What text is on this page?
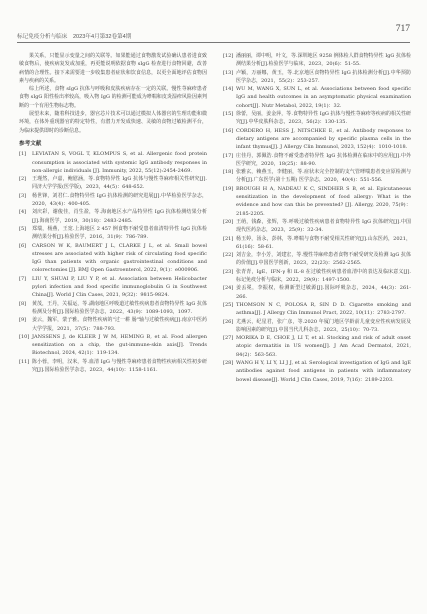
标记免疫分析与临床　2023年4月第32卷第4期
717

果关系，只能显示变量之间的关联等。如果能通过食物激发试验确认患者进食致敏食物后，使疾病复发或加重，再更能说明依据食物 sIgG 检查进行食物回避，改善病情的合理性。接下来需要进一步收集患者症状和饮食信息，以更全面地评估食物因素与疾病的关系。

综上所述，食物 sIgG 抗体与呼吸和皮肤疾病存在一定的关联。慢性荨麻疹患者食物 sIgG 阳性检出率较高，吸入物 IgG 的检测可能成为哮喘和皮炎湿疹风险因素判断的一个有用生物标志物。

展望未来，随着科技进步，器官芯片技术可以通过模拟人体器官的生理功能和微环境，在体外重现器官的特定特性，有潜力开发成快速、灵敏的食物过敏检测平台，为临床提供即时的诊断信息。

参考文献
[1]	LEVIATAN S, VOGL T, KLOMPUS S, et al. Allergenic food protein consumption is associated with systemic IgG antibody responses in non-allergic individuals [J]. Immunity, 2022, 55(12):2454-2469.
[2]	王瑾然，卢嘉，鲍慰涵，等.食物特异性 IgG 抗体与慢性荨麻疹相关性研究[J].同济大学学报(医学版)，2023，44(5)：648-652.
[3]	杨世锋，刘君仁.食物特异性 IgG 抗体检测的研究进展[J].中华检验医学杂志，2020，43(4)：400-405.
[4]	刘庆彩，谢俊佳，肖生盈，等.海南地区水产品特异性 IgG 抗体检测结果分析[J].海南医学，2019，30(18)：2483-2485.
[5]	郑瑞，杨燕，王宽.上海地区 2 457 例食物不耐受患者血清特异性 IgG 抗体检测结果分析[J].检验医学，2016，31(9)：786-789.
[6]	CARSON W K, BAUMERT J L, CLARKE J L, et al. Small bowel stresses are associated with higher risk of circulating food specific IgG than patients with organic gastrointestinal conditions and colorectomies [J]. BMJ Open Gastroenterol, 2022, 9(1)：e000906.
[7]	LIU Y, SHUAI P, LIU Y P, et al. Association between Helicobacter pylori infection and food specific immunoglobulin G in Southwest China[J]. World J Clin Cases, 2021, 9(32)：9815-9824.
[8]	黄茂，王丹，关福运，等.湖南地区呼吸道过敏性疾病患者食物特异性 IgG 抗体检测及分析[J].国际检验医学杂志，2022，43(9)：1089-1093，1097.
[9]	姜云，魏军，蒙子雅。食物性疾病的"过一耕 肠"轴与过敏性疾病[J].南京中医药大学学报，2021，37(5)：788-793.
[10] JANSSENS J, de KLEER J W M, HEMING B, et al. Food allergen sensitization on a chip, the gut-immune-skin axis[J]. Trends Biotechnol, 2024, 42(1)：119-134.
[11] 陈小蓉，李明，汉米，等.血清 IgG 与慢性荨麻疹患者食物性疾病相关性初步研究[J].国际检验医学杂志，2023，44(10)：1158-1161.
[12] 潘丽丽，谭中明，叶文，等.深圳地区 9258 例体检人群食物特异性 IgG 抗体检测结果分析[J].检验医学与临床，2023，20(6)：51-55.
[13] 卢颖，万丽娜，黄玉，等.北京地区食物特异性 IgG 抗体检测分析[J].中华预防医学杂志，2021，55(2)：253-257.
[14] WU M, WANG X, SUN L, et al. Associations between food specific IgG and health outcomes in an asymptomatic physical examination cohort[J]. Nutr Metabol, 2022, 19(1)：32.
[15] 徐蕾，吴丽，姜金萍，等.食物特异性 IgG 抗体与慢性荨麻疹等疾病的相关性研究[J].中华皮肤科杂志，2023，56(2)：130-135.
[16] CORDERO H, HESS J, NITSCHKE E, et al. Antibody responses to dietary antigens are accompanied by specific plasma cells in the infant thymus[J]. J Allergy Clin Immunol, 2023, 152(4)：1010-1018.
[17] 庄佳丹，郭佩浩.食物不耐受患者特异性 IgG 抗体检测在临床中的应用[J].中外医学研究，2020，18(25)：88-90.
[18] 张雅玄，赖燕玉，李健丽，等.症状未完全控制的支气管哮喘患者变应原检测与分析[J].广东医学(第十五期) 医学杂志，2020，40(4)：551-556.
[19] BROUGH H A, NADEAU K C, SINDHER S B, et al. Epicutaneous sensitization in the development of food allergy: What is the evidence and how can this be prevented? [J]. Allergy, 2020, 75(9)：2185-2205.
[20] 王萌，钱森，张辉，等.呼吸过敏性疾病患者食物特异性 IgG 抗体研究[J].中国现代医药杂志，2023，25(9)：32-34.
[21] 杨玉婷，汤永，彭林，等.哮喘与食物不耐受相关性研究[J].山东医药，2021，61(16)：58-61.
[22] 刘吉金，李小芳，刘建宏，等.慢性荨麻疹患者食物不耐受研究及检测 IgG 抗体的价值[J].中国医学创新，2023，22(23)：2562-2565.
[23] 张青青，IgE、IFN-γ 和 IL-8 在过敏性疾病患者血清中的表达及临床意义[J].标记免疫分析与临床，2022，29(9)：1497-1500.
[24] 姜丢冕，李振权，检测新型过敏源[J].国际呼吸杂志，2024，44(3)：261-266.
[25] THOMSON N C, POLOSA R, SIN D D. Cigarette smoking and asthma[J]. J Allergy Clin Immunol Pract, 2022, 10(11)：2783-2797.
[26] 尤燕云，纪星君，张广彦，等.2020 年厦门地区学龄前儿童变应性疾病发展及影响因素的研究[J].中国当代儿科杂志，2023，25(10)：70-73.
[27] MORIKA D E, CHOE J, LI T, et al. Stocking and risk of adult onset atopic dermatitis in US women[J]. J Am Acad Dermatol, 2021, 84(2)：563-563.
[28] WANG H Y, LI Y, LI J J, et al. Serological investigation of IgG and IgE antibodies against food antigens in patients with inflammatory bowel disease[J]. World J Clin Cases, 2019, 7(16)：2189-2203.
